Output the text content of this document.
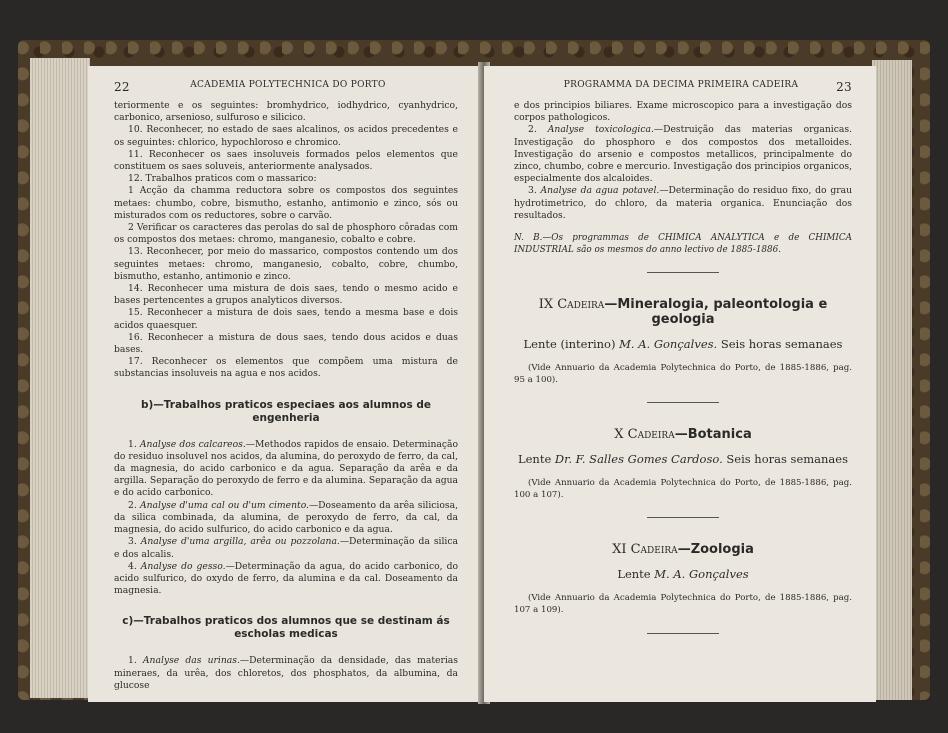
22	ACADEMIA POLYTECHNICA DO PORTO

teriormente e os seguintes: bromhydrico, iodhydrico, cyanhydrico, carbonico, arsenioso, sulfuroso e silicico.

10. Reconhecer, no estado de saes alcalinos, os acidos precedentes e os seguintes: chlorico, hypochloroso e chromico.

11. Reconhecer os saes insoluveis formados pelos elementos que constituem os saes soluveis, anteriormente analysados.

12. Trabalhos praticos com o massarico:

1 Acção da chamma reductora sobre os compostos dos seguintes metaes: chumbo, cobre, bismutho, estanho, antimonio e zinco, sós ou misturados com os reductores, sobre o carvão.

2 Verificar os caracteres das perolas do sal de phosphoro côradas com os compostos dos metaes: chromo, manganesio, cobalto e cobre.

13. Reconhecer, por meio do massarico, compostos contendo um dos seguintes metaes: chromo, manganesio, cobalto, cobre, chumbo, bismutho, estanho, antimonio e zinco.

14. Reconhecer uma mistura de dois saes, tendo o mesmo acido e bases pertencentes a grupos analyticos diversos.

15. Reconhecer a mistura de dois saes, tendo a mesma base e dois acidos quaesquer.

16. Reconhecer a mistura de dous saes, tendo dous acidos e duas bases.

17. Reconhecer os elementos que compõem uma mistura de substancias insoluveis na agua e nos acidos.

b)—Trabalhos praticos especiaes aos alumnos de engenheria

1. Analyse dos calcareos.—Methodos rapidos de ensaio. Determinação do residuo insoluvel nos acidos, da alumina, do peroxydo de ferro, da cal, da magnesia, do acido carbonico e da agua. Separação da arêa e da argilla. Separação do peroxydo de ferro e da alumina. Separação da agua e do acido carbonico.

2. Analyse d'uma cal ou d'um cimento.—Doseamento da arêa siliciosa, da silica combinada, da alumina, de peroxydo de ferro, da cal, da magnesia, do acido sulfurico, do acido carbonico e da agua.

3. Analyse d'uma argilla, arêa ou pozzolana.—Determinação da silica e dos alcalis.

4. Analyse do gesso.—Determinação da agua, do acido carbonico, do acido sulfurico, do oxydo de ferro, da alumina e da cal. Doseamento da magnesia.

c)—Trabalhos praticos dos alumnos que se destinam ás escholas medicas

1. Analyse das urinas.—Determinação da densidade, das materias mineraes, da urêa, dos chloretos, dos phosphatos, da albumina, da glucose

PROGRAMMA DA DECIMA PRIMEIRA CADEIRA	23

e dos principios biliares. Exame microscopico para a investigação dos corpos pathologicos.

2. Analyse toxicologica.—Destruição das materias organicas. Investigação do phosphoro e dos compostos dos metalloides. Investigação do arsenio e compostos metallicos, principalmente do zinco, chumbo, cobre e mercurio. Investigação dos principios organicos, especialmente dos alcaloides.

3. Analyse da agua potavel.—Determinação do residuo fixo, do grau hydrotimetrico, do chloro, da materia organica. Enunciação dos resultados.

N. B.—Os programmas de CHIMICA ANALYTICA e de CHIMICA INDUSTRIAL são os mesmos do anno lectivo de 1885-1886.

IX Cadeira—Mineralogia, paleontologia e geologia
Lente (interino) M. A. Gonçalves. Seis horas semanaes

(Vide Annuario da Academia Polytechnica do Porto, de 1885-1886, pag. 95 a 100).

X Cadeira—Botanica
Lente Dr. F. Salles Gomes Cardoso. Seis horas semanaes

(Vide Annuario da Academia Polytechnica do Porto, de 1885-1886, pag. 100 a 107).

XI Cadeira—Zoologia
Lente M. A. Gonçalves

(Vide Annuario da Academia Polytechnica do Porto, de 1885-1886, pag. 107 a 109).
